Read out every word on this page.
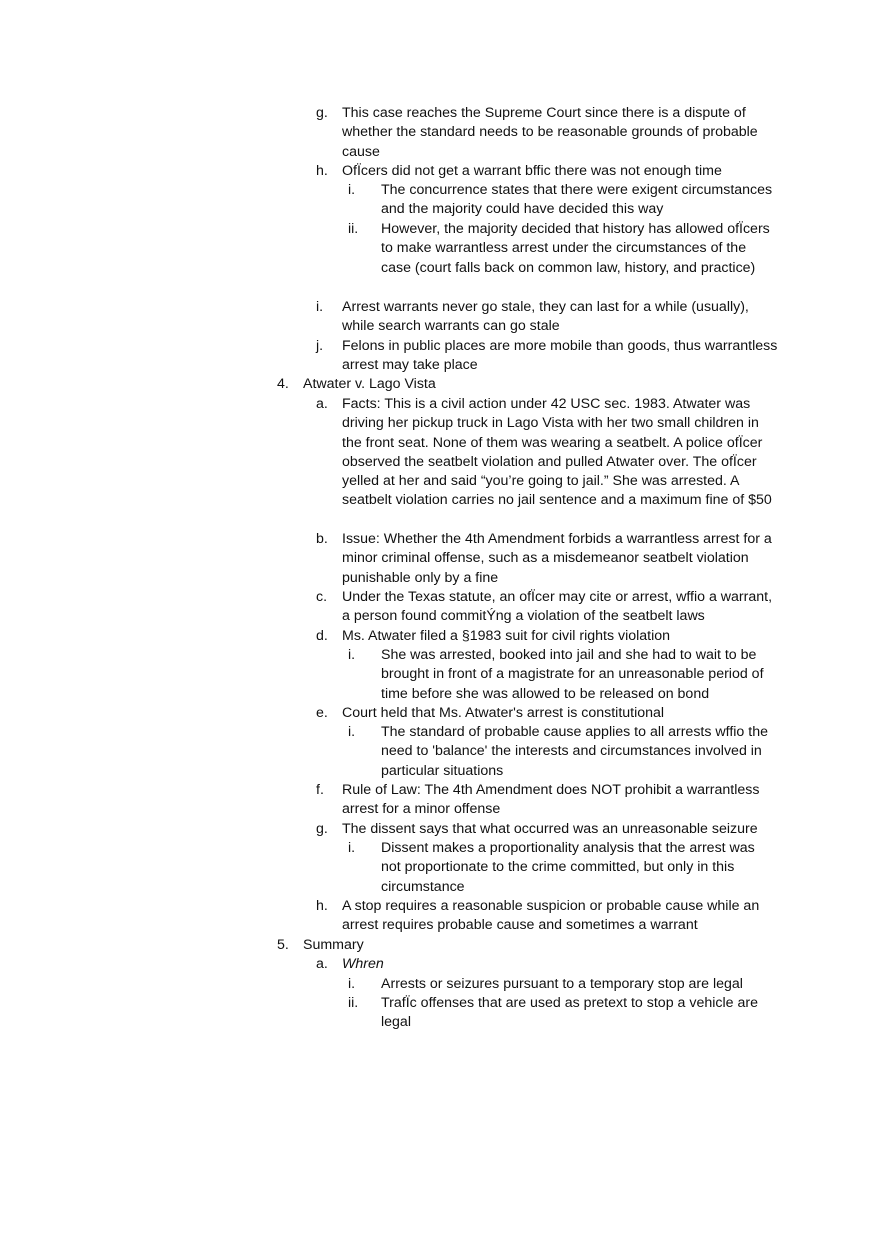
g. This case reaches the Supreme Court since there is a dispute of whether the standard needs to be reasonable grounds of probable cause
h. OfÏcers did not get a warrant bffic there was not enough time
i.	The concurrence states that there were exigent circumstances and the majority could have decided this way
ii.	However, the majority decided that history has allowed ofÏcers to make warrantless arrest under the circumstances of the case (court falls back on common law, history, and practice)
i. Arrest warrants never go stale, they can last for a while (usually), while search warrants can go stale
j. Felons in public places are more mobile than goods, thus warrantless arrest may take place
4. Atwater v. Lago Vista
a. Facts: This is a civil action under 42 USC sec. 1983. Atwater was driving her pickup truck in Lago Vista with her two small children in the front seat. None of them was wearing a seatbelt. A police ofÏcer observed the seatbelt violation and pulled Atwater over. The ofÏcer yelled at her and said “you’re going to jail.” She was arrested. A seatbelt violation carries no jail sentence and a maximum fine of $50
b. Issue: Whether the 4th Amendment forbids a warrantless arrest for a minor criminal offense, such as a misdemeanor seatbelt violation punishable only by a fine
c. Under the Texas statute, an ofÏcer may cite or arrest, wffio a warrant, a person found commitÝng a violation of the seatbelt laws
d. Ms. Atwater filed a §1983 suit for civil rights violation
i.	She was arrested, booked into jail and she had to wait to be brought in front of a magistrate for an unreasonable period of time before she was allowed to be released on bond
e. Court held that Ms. Atwater's arrest is constitutional
i.	The standard of probable cause applies to all arrests wffio the need to 'balance' the interests and circumstances involved in particular situations
f. Rule of Law: The 4th Amendment does NOT prohibit a warrantless arrest for a minor offense
g. The dissent says that what occurred was an unreasonable seizure
i.	Dissent makes a proportionality analysis that the arrest was not proportionate to the crime committed, but only in this circumstance
h. A stop requires a reasonable suspicion or probable cause while an arrest requires probable cause and sometimes a warrant
5. Summary
a. Whren
i.	Arrests or seizures pursuant to a temporary stop are legal
ii.	TrafÏc offenses that are used as pretext to stop a vehicle are legal
